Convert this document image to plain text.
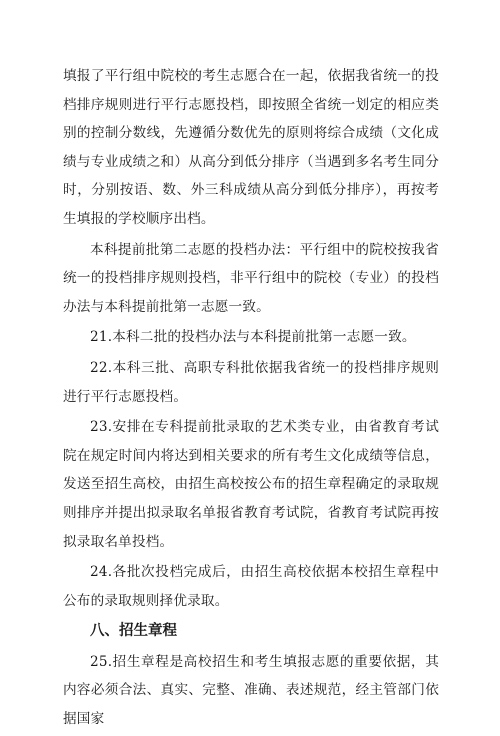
填报了平行组中院校的考生志愿合在一起，依据我省统一的投档排序规则进行平行志愿投档，即按照全省统一划定的相应类别的控制分数线，先遵循分数优先的原则将综合成绩（文化成绩与专业成绩之和）从高分到低分排序（当遇到多名考生同分时，分别按语、数、外三科成绩从高分到低分排序），再按考生填报的学校顺序出档。

本科提前批第二志愿的投档办法：平行组中的院校按我省统一的投档排序规则投档，非平行组中的院校（专业）的投档办法与本科提前批第一志愿一致。

21.本科二批的投档办法与本科提前批第一志愿一致。

22.本科三批、高职专科批依据我省统一的投档排序规则进行平行志愿投档。

23.安排在专科提前批录取的艺术类专业，由省教育考试院在规定时间内将达到相关要求的所有考生文化成绩等信息，发送至招生高校，由招生高校按公布的招生章程确定的录取规则排序并提出拟录取名单报省教育考试院，省教育考试院再按拟录取名单投档。

24.各批次投档完成后，由招生高校依据本校招生章程中公布的录取规则择优录取。

八、招生章程

25.招生章程是高校招生和考生填报志愿的重要依据，其内容必须合法、真实、完整、准确、表述规范，经主管部门依据国家
